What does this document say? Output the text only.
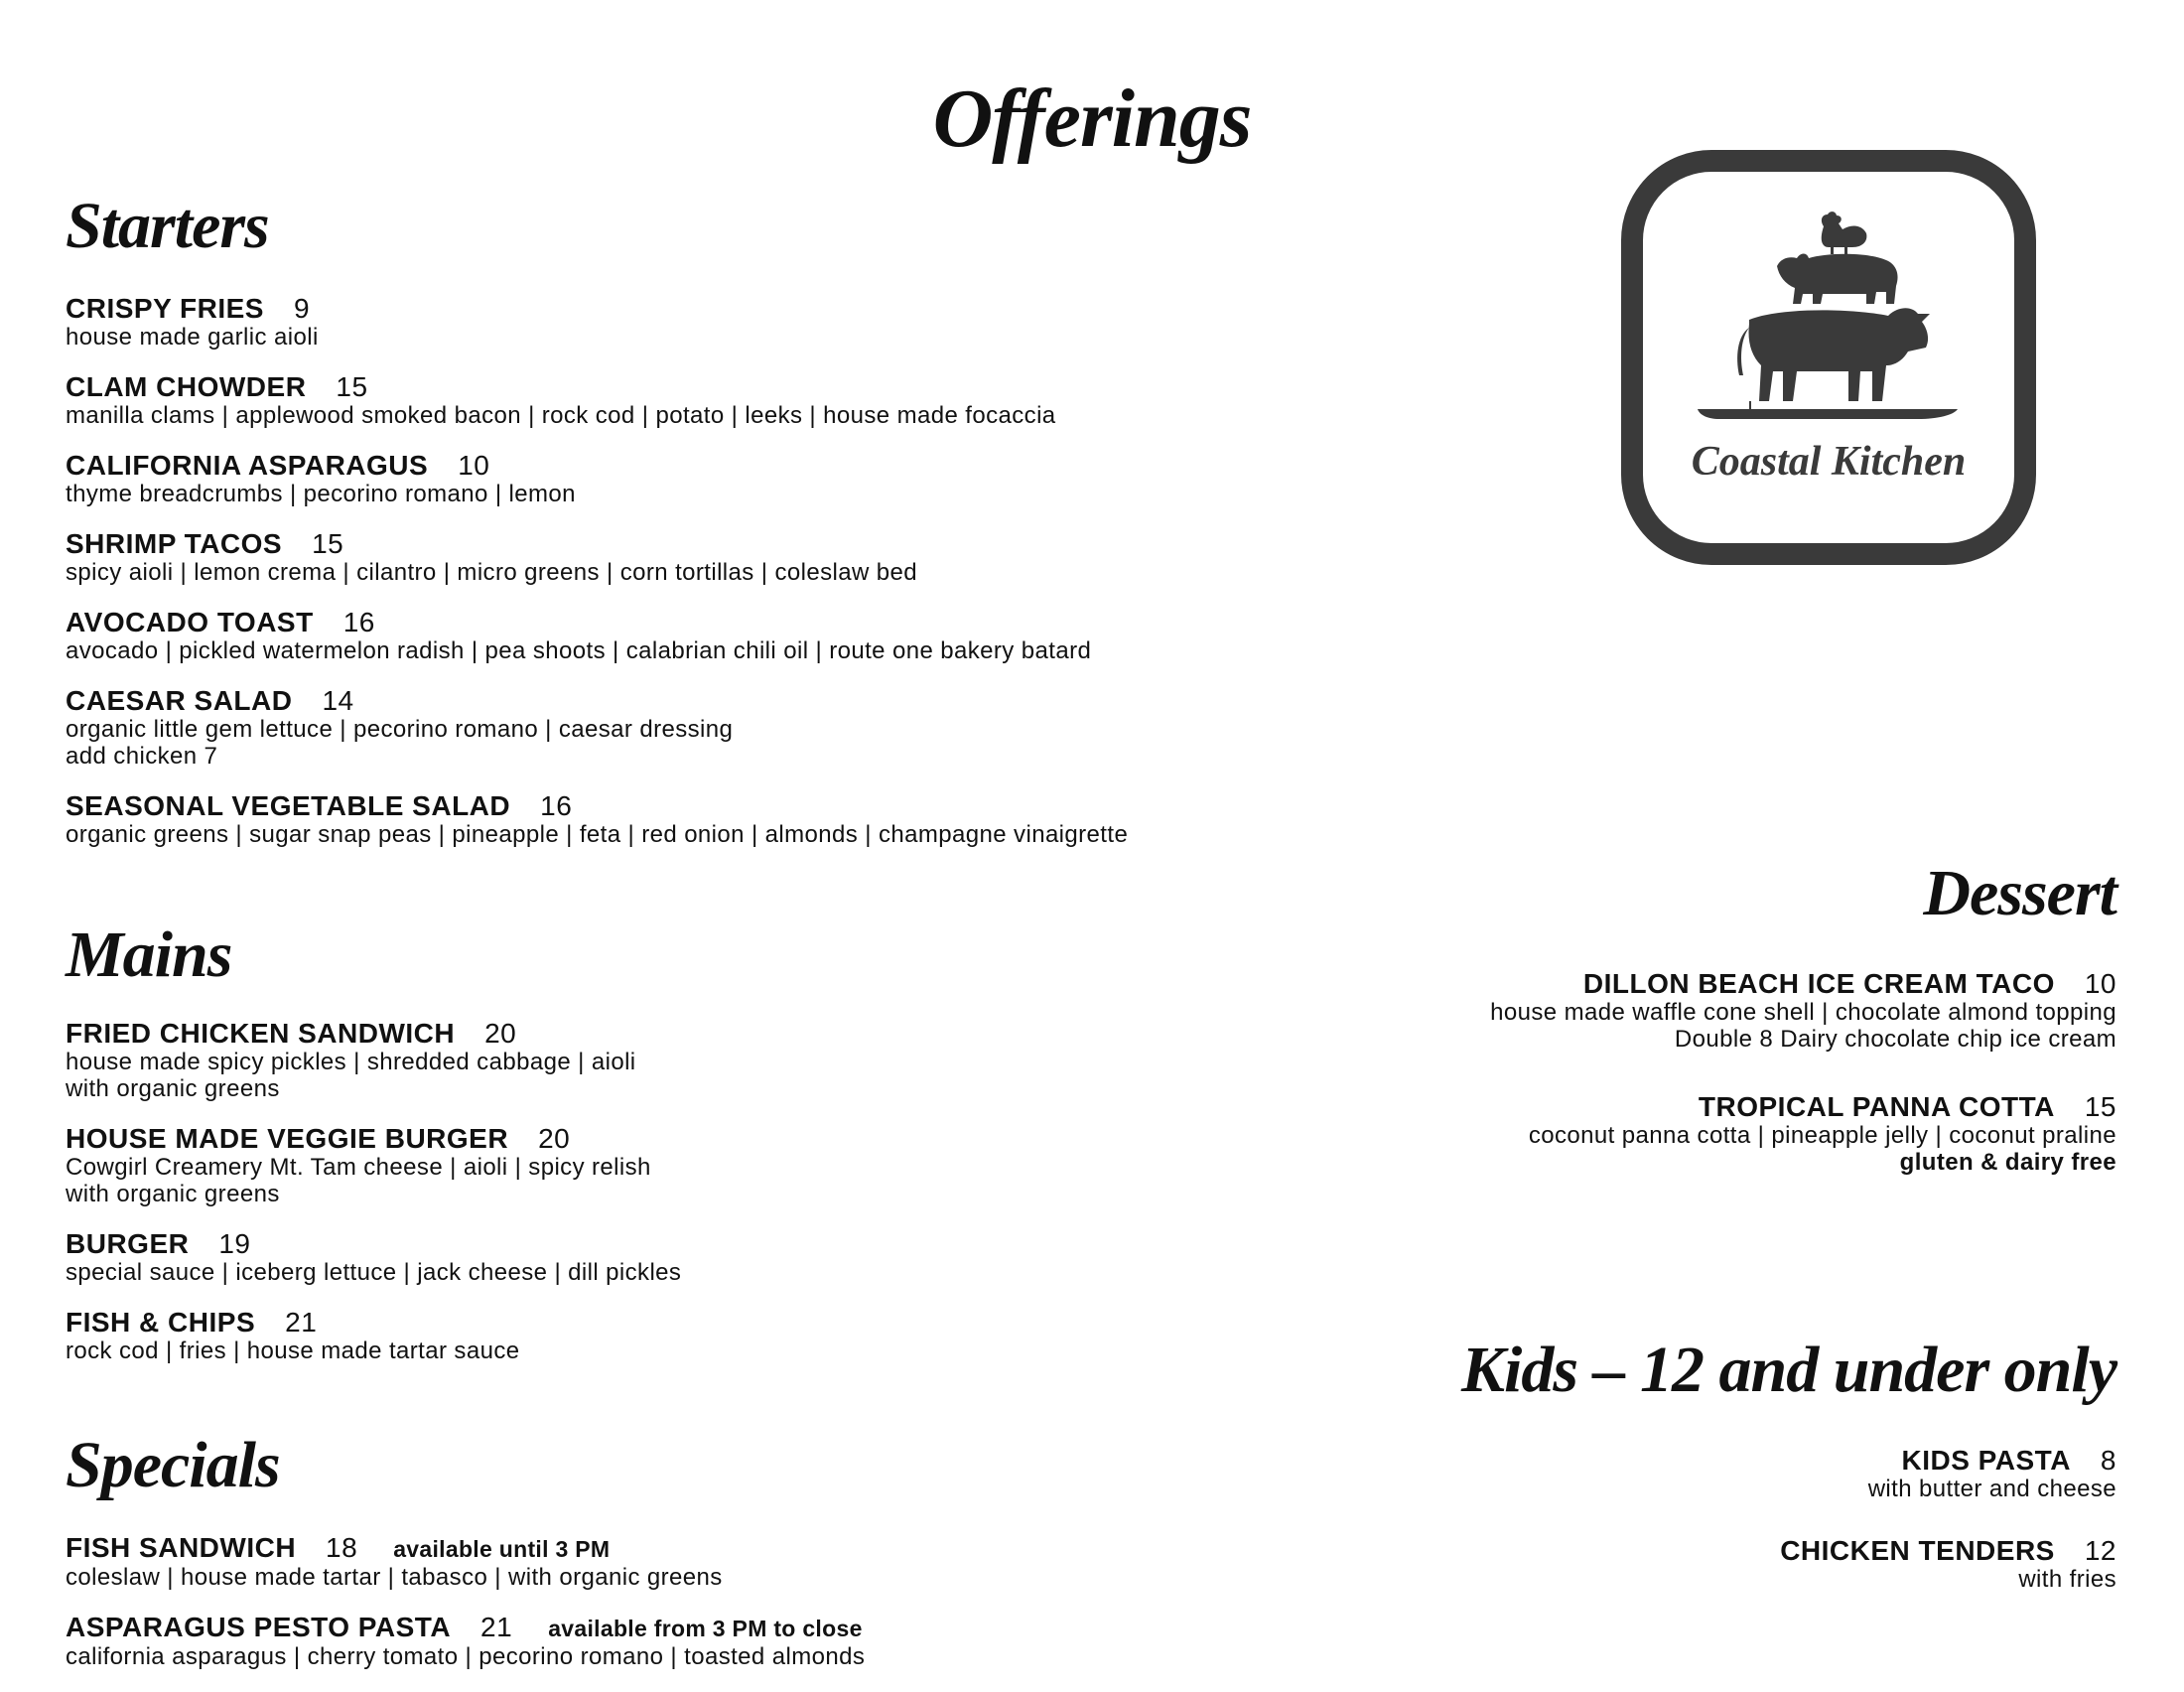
Offerings
Coastal Kitchen
Starters
CRISPY FRIES 9
house made garlic aioli
CLAM CHOWDER 15
manilla clams | applewood smoked bacon | rock cod | potato | leeks | house made focaccia
CALIFORNIA ASPARAGUS 10
thyme breadcrumbs | pecorino romano | lemon
SHRIMP TACOS 15
spicy aioli | lemon crema | cilantro | micro greens | corn tortillas | coleslaw bed
AVOCADO TOAST 16
avocado | pickled watermelon radish | pea shoots | calabrian chili oil | route one bakery batard
CAESAR SALAD 14
organic little gem lettuce | pecorino romano | caesar dressing
add chicken 7
SEASONAL VEGETABLE SALAD 16
organic greens | sugar snap peas | pineapple | feta | red onion | almonds | champagne vinaigrette
Mains
FRIED CHICKEN SANDWICH 20
house made spicy pickles | shredded cabbage | aioli
with organic greens
HOUSE MADE VEGGIE BURGER 20
Cowgirl Creamery Mt. Tam cheese | aioli | spicy relish
with organic greens
BURGER 19
special sauce | iceberg lettuce | jack cheese | dill pickles
FISH & CHIPS 21
rock cod | fries | house made tartar sauce
Specials
FISH SANDWICH 18 available until 3 PM
coleslaw | house made tartar | tabasco | with organic greens
ASPARAGUS PESTO PASTA 21 available from 3 PM to close
california asparagus | cherry tomato | pecorino romano | toasted almonds
Dessert
DILLON BEACH ICE CREAM TACO 10
house made waffle cone shell | chocolate almond topping
Double 8 Dairy chocolate chip ice cream
TROPICAL PANNA COTTA 15
coconut panna cotta | pineapple jelly | coconut praline
gluten & dairy free
Kids – 12 and under only
KIDS PASTA 8
with butter and cheese
CHICKEN TENDERS 12
with fries
